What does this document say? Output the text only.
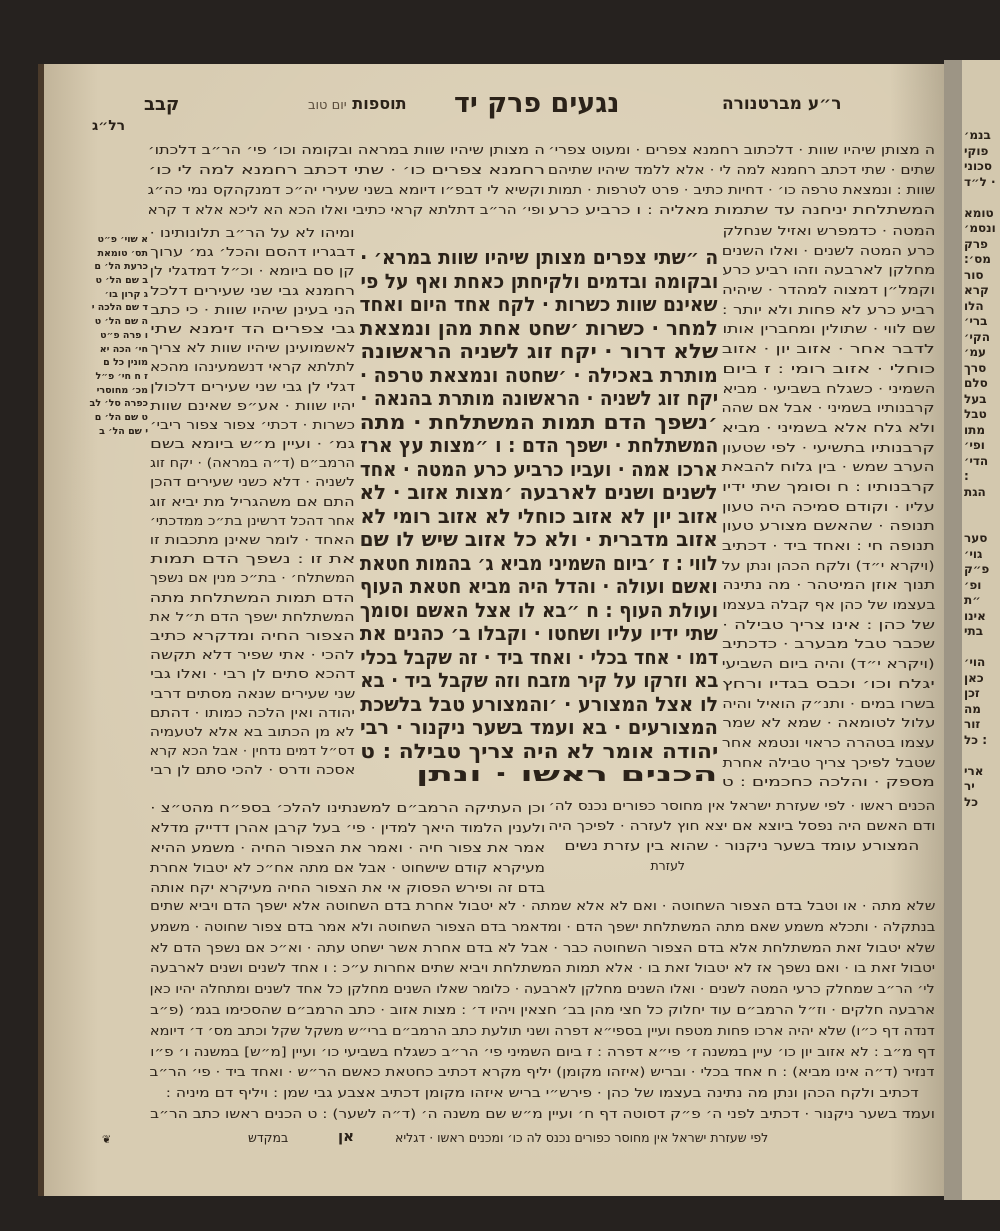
בנמ׳
פוקי
סכוני
· ל״ד
טומא
ונסמ׳
פרק
מס׳:
סור
קרא
הלו
ברי׳
הקי׳
עמ׳
סרך
סלם
בעל
טבל
מתו
ופי׳
הדי׳
:
הגת
סער
גוי׳
פ״ק
ופ׳
״ת
אינו
בתי
הוי׳
כאן
זכן
מה
זור
: כל
ארי
יר
כל
ר״ע מברטנורה
נגעים פרק יד
תוספות יום טוב
קבב
רל״ג
ה מצותן שיהיו שוות · דלכתוב רחמנא צפרים · ומעוט צפרי׳
שתים · שתי דכתב רחמנא למה לי · אלא ללמד שיהיו שתיהם
שוות : ונמצאת טרפה כו׳ · דחיות כתיב · פרט לטרפות · תמות
המשתלחת יניחנה עד שתמות מאליה : ו כרביע כרע
ה מצותן שיהיו שוות במראה ובקומה וכו׳ פי׳ הר״ב דלכתו׳
רחמנא צפרים כו׳ · שתי דכתב רחמנא למה לי כו׳
וקשיא לי דבפ״ו דיומא בשני שעירי יה״כ דמנקהקס נמי כה״ג
ופי׳ הר״ב דתלתא קראי כתיבי ואלו הכא הא ליכא אלא ד קרא
המטה · כדמפרש ואזיל שנחלק
כרע המטה לשנים · ואלו השנים
מחלקן לארבעה וזהו רביע כרע
וקמל״ן דמצוה למהדר · שיהיה
רביע כרע לא פחות ולא יותר :
שם לווי · שתולין ומחברין אותו
לדבר אחר · אזוב יון · אזוב
כוחלי · אזוב רומי : ז ביום
השמיני · כשגלח בשביעי · מביא
קרבנותיו בשמיני · אבל אם שהה
ולא גלח אלא בשמיני · מביא
קרבנותיו בתשיעי · לפי שטעון
הערב שמש · בין גלוח להבאת
קרבנותיו : ח וסומך שתי ידיו
עליו · וקודם סמיכה היה טעון
תנופה · שהאשם מצורע טעון
תנופה חי : ואחד ביד · דכתיב
(ויקרא י״ד) ולקח הכהן ונתן על
תנוך אוזן המיטהר · מה נתינה
בעצמו של כהן אף קבלה בעצמו
של כהן : אינו צריך טבילה ·
שכבר טבל מבערב · כדכתיב
(ויקרא י״ד) והיה ביום השביעי
יגלח וכו׳ וכבס בגדיו ורחץ
בשרו במים · ותנ״ק הואיל והיה
עלול לטומאה · שמא לא שמר
עצמו בטהרה כראוי ונטמא אחר
שטבל לפיכך צריך טבילה אחרת
מספק · והלכה כחכמים : ט
ומיהו לא על הר״ב תלונותינו ·
דבגריו דהסם והכל׳ גמ׳ ערוך
קן סם ביומא · וכ״ל דמדגלי לן
רחמנא גבי שני שעירים דלכל
הני בעינן שיהיו שוות · כי כתב
גבי צפרים הד זימנא שתי
לאשמועינן שיהיו שוות לא צריך
לתלתא קראי דנשמעינהו מהכא
דגלי לן גבי שני שעירים דלכולן
יהיו שוות · אע״פ שאינם שוות
כשרות · דכתי׳ צפור צפור ריבי׳
גמ׳ · ועיין מ״ש ביומא בשם
הרמב״ם (ד״ה במראה) · יקח זוג
לשניה · דלא כשני שעירים דהכן
התם אם משהגריל מת יביא זוג
אחר דהכל דרשינן בת״כ ממדכתי׳
האחד · לומר שאינן מתכבות זו
את זו : נשפך הדם תמות
המשתלח׳ · בת״כ מנין אם נשפך
הדם תמות המשתלחת מתה
המשתלחת ישפך הדם ת״ל את
הצפור החיה ומדקרא כתיב
להכי · אתי שפיר דלא תקשה
דהכא סתים לן רבי · ואלו גבי
שני שעירים שנאה מסתים דרבי
יהודה ואין הלכה כמותו · דהתם
לא מן הכתוב בא אלא לטעמיה
דס״ל דמים נדחין · אבל הכא קרא
אסכה ודרס · להכי סתם לן רבי
ה ״שתי צפרים מצותן שיהיו שוות במרא׳ ·
ובקומה ובדמים ולקיחתן כאחת ואף על פי
שאינם שוות כשרות · לקח אחד היום ואחד
למחר · כשרות ׳שחט אחת מהן ונמצאת
שלא דרור · יקח זוג לשניה הראשונה
מותרת באכילה · ׳שחטה ונמצאת טרפה ·
יקח זוג לשניה · הראשונה מותרת בהנאה ·
׳נשפך הדם תמות המשתלחת · מתה
המשתלחת · ישפך הדם : ו ״מצות עץ ארז
ארכו אמה · ועביו כרביע כרע המטה · אחד
לשנים ושנים לארבעה ׳מצות אזוב · לא
אזוב יון לא אזוב כוחלי לא אזוב רומי לא
אזוב מדברית · ולא כל אזוב שיש לו שם
לווי : ז ׳ביום השמיני מביא ג׳ בהמות חטאת
ואשם ועולה · והדל היה מביא חטאת העוף
ועולת העוף : ח ״בא לו אצל האשם וסומך
שתי ידיו עליו ושחטו · וקבלו ב׳ כהנים את
דמו · אחד בכלי · ואחד ביד · זה שקבל בכלי
בא וזרקו על קיר מזבח וזה שקבל ביד · בא
לו אצל המצורע · ׳והמצורע טבל בלשכת
המצורעים · בא ועמד בשער ניקנור · רבי
יהודה אומר לא היה צריך טבילה : ט
הכנים ראשו · ונתן
א שוי׳ פ״ט
תס׳ טומאת
כרעת הל׳ ם
ב שם הל׳ ט
ג קרון בו׳
ד שם הלכה י
ה שם הל׳ ט
ו פרה פ״ט
חי׳ הכה יא
מונין כל ם
ז ח חי׳ פ״ל
מכ׳ מחוסרי
כפרה סל׳ לב
ט שם הל׳ ם
י שם הל׳ ב
וכן העתיקה הרמב״ם למשנתינו להלכ׳ בספ״ח מהט״צ ·
ולענין הלמוד היאך למדין · פי׳ בעל קרבן אהרן דדייק מדלא
אמר את צפור חיה · ואמר את הצפור החיה · משמע ההיא
מעיקרא קודם שישחוט · אבל אם מתה אח״כ לא יטבול אחרת
בדם זה ופירש הפסוק אי את הצפור החיה מעיקרא יקח אותה
הכנים ראשו · לפי שעזרת ישראל אין מחוסר כפורים נכנס לה׳
ודם האשם היה נפסל ביוצא אם יצא חוץ לעזרה · לפיכך היה
המצורע עומד בשער ניקנור · שהוא בין עזרת נשים
לעזרת
שלא מתה · או וטבל בדם הצפור השחוטה · ואם לא אלא שמתה · לא יטבול אחרת בדם השחוטה אלא ישפך הדם ויביא שתים
בנתקלה · ותכלא משמע שאם מתה המשתלחת ישפך הדם · ומדאמר בדם הצפור השחוטה ולא אמר בדם צפור שחוטה · משמע
שלא יטבול זאת המשתלחת אלא בדם הצפור השחוטה כבר · אבל לא בדם אחרת אשר ישחט עתה · וא״כ אם נשפך הדם לא
יטבול זאת בו · ואם נשפך אז לא יטבול זאת בו · אלא תמות המשתלחת ויביא שתים אחרות ע״כ : ו אחד לשנים ושנים לארבעה
לי׳ הר״ב שמחלק כרעי המטה לשנים · ואלו השנים מחלקן לארבעה · כלומר שאלו השנים מחלקן כל אחד לשנים ומתחלה יהיו כאן
ארבעה חלקים · וז״ל הרמב״ם עוד יחלוק כל חצי מהן בב׳ חצאין ויהיו ד׳ : מצות אזוב · כתב הרמב״ם שהסכימו בגמ׳ (פ״ב
דנדה דף כ״ו) שלא יהיה ארכו פחות מטפח ועיין בספי״א דפרה ושני תולעת כתב הרמב״ם ברי״ש משקל שקל וכתב מס׳ ד׳ דיומא
דף מ״ב : לא אזוב יון כו׳ עיין במשנה ז׳ פי״א דפרה : ז ביום השמיני פי׳ הר״ב כשגלח בשביעי כו׳ ועיין [מ״ש] במשנה ו׳ פ״ו
דנזיר (ד״ה אינו מביא) : ח אחד בכלי · ובריש (איזהו מקומן) יליף מקרא דכתיב כחטאת כאשם הר״ש · ואחד ביד · פי׳ הר״ב
דכתיב ולקח הכהן ונתן מה נתינה בעצמו של כהן · פירש״י בריש איזהו מקומן דכתיב אצבע גבי שמן : ויליף דם מיניה :
ועמד בשער ניקנור · דכתיב לפני ה׳ פ״ק דסוטה דף ח׳ ועיין מ״ש שם משנה ה׳ (ד״ה לשער) : ט הכנים ראשו כתב הר״ב
לפי שעזרת ישראל אין מחוסר כפורים נכנס לה כו׳ ומכנים ראשו · דגליא
אן
במקדש
❦
